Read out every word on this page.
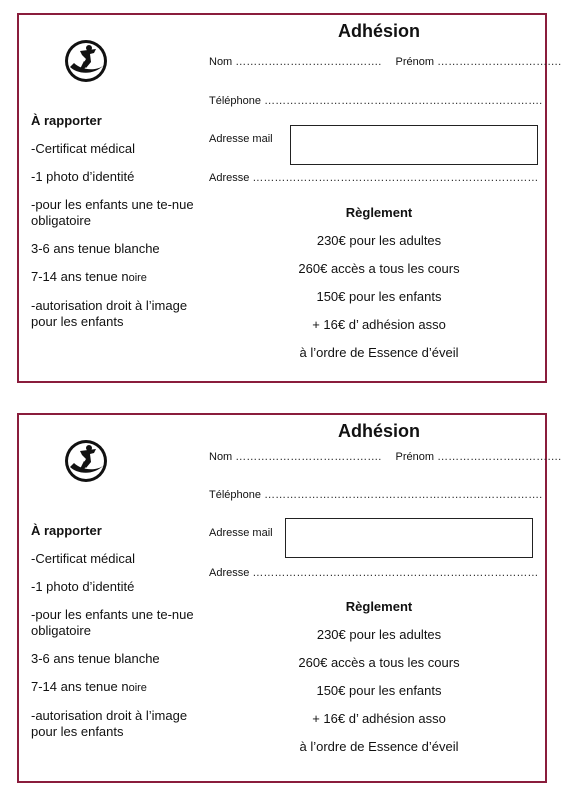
Adhésion
Nom …………………………………. Prénom …………………………….
Téléphone ………………………………………………………………….
Adresse mail
Adresse ……………………………………………………………………
À rapporter
-Certificat médical
-1 photo d’identité
-pour les enfants une te-nue obligatoire
3-6 ans tenue blanche
7-14 ans tenue noire
-autorisation droit à l’image pour les enfants
Règlement
230€ pour les adultes
260€ accès a tous les cours
150€ pour les enfants
+ 16€ d’ adhésion asso
à l’ordre de Essence d’éveil
Adhésion
Nom …………………………………. Prénom …………………………….
Téléphone ………………………………………………………………….
Adresse mail
Adresse ……………………………………………………………………
À rapporter
-Certificat médical
-1 photo d’identité
-pour les enfants une te-nue obligatoire
3-6 ans tenue blanche
7-14 ans tenue noire
-autorisation droit à l’image pour les enfants
Règlement
230€ pour les adultes
260€ accès a tous les cours
150€ pour les enfants
+ 16€ d’ adhésion asso
à l’ordre de Essence d’éveil
